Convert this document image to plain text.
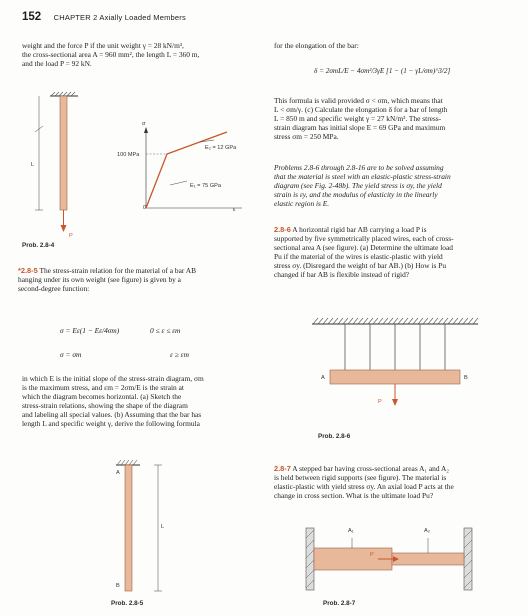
152 CHAPTER 2 Axially Loaded Members

weight and the force P if the unit weight γ = 28 kN/m³,

the cross-sectional area A = 960 mm², the length L = 360 m,

and the load P = 92 kN.

L
P
σ
ε
100 MPa
0
E₂ = 12 GPa
E₁ = 75 GPa
Prob. 2.8-4

*2.8-5 The stress-strain relation for the material of a bar AB

hanging under its own weight (see figure) is given by a

second-degree function:

σ = Eε(1 − Eε/4σm)	0 ≤ ε ≤ εm
σ = σm	ε ≥ εm

in which E is the initial slope of the stress-strain diagram, σm

is the maximum stress, and εm = 2σm/E is the strain at

which the diagram becomes horizontal. (a) Sketch the

stress-strain relations, showing the shape of the diagram

and labeling all special values. (b) Assuming that the bar has

length L and specific weight γ, derive the following formula

A
B
L
Prob. 2.8-5

for the elongation of the bar:

δ = 2σmL/E − 4σm²/3γE [1 − (1 − γL/σm)^3/2]

This formula is valid provided σ < σm, which means that

L < σm/γ. (c) Calculate the elongation δ for a bar of length

L = 850 m and specific weight γ = 27 kN/m³. The stress-

strain diagram has initial slope E = 69 GPa and maximum

stress σm = 250 MPa.

Problems 2.8-6 through 2.8-16 are to be solved assuming

that the material is steel with an elastic-plastic stress-strain

diagram (see Fig. 2-48b). The yield stress is σy, the yield

strain is εy, and the modulus of elasticity in the linearly

elastic region is E.

2.8-6 A horizontal rigid bar AB carrying a load P is

supported by five symmetrically placed wires, each of cross-

sectional area A (see figure). (a) Determine the ultimate load

Pu if the material of the wires is elastic-plastic with yield

stress σy. (Disregard the weight of bar AB.) (b) How is Pu

changed if bar AB is flexible instead of rigid?

A	B
P
Prob. 2.8-6

2.8-7 A stepped bar having cross-sectional areas A₁ and A₂

is held between rigid supports (see figure). The material is

elastic-plastic with yield stress σy. An axial load P acts at the

change in cross section. What is the ultimate load Pu?

A₁	A₂
P
Prob. 2.8-7
